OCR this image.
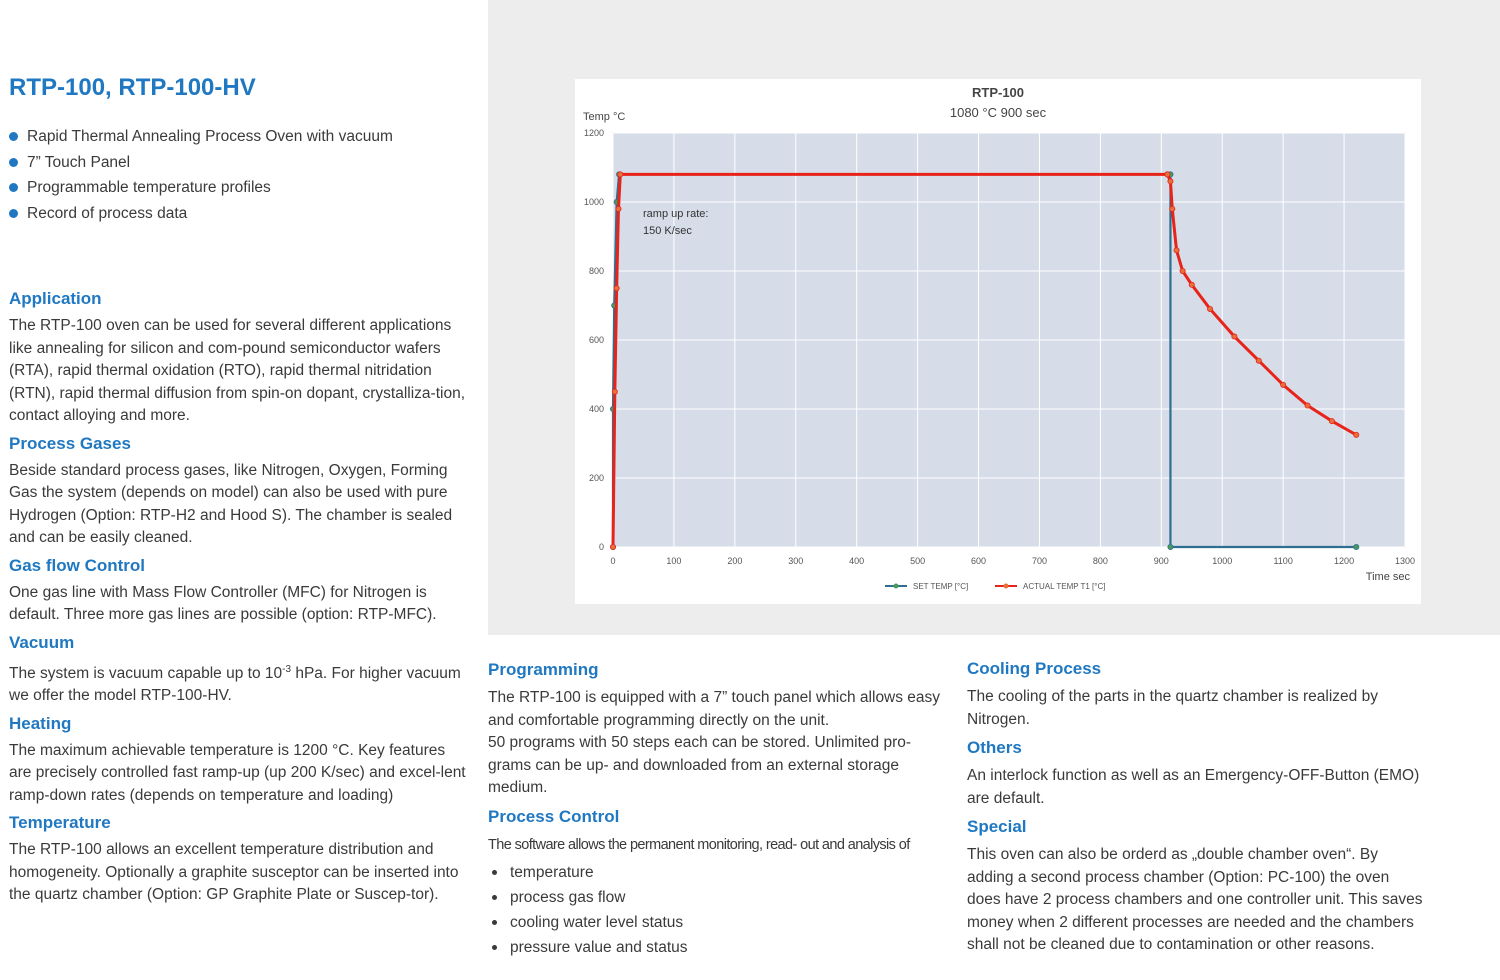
RTP-100, RTP-100-HV
Rapid Thermal Annealing Process Oven with vacuum
7” Touch Panel
Programmable temperature profiles
Record of process data
Application

The RTP-100 oven can be used for several different applications like annealing for silicon and com-pound semiconductor wafers (RTA), rapid thermal oxidation (RTO), rapid thermal nitridation (RTN), rapid thermal diffusion from spin-on dopant, crystalliza-tion, contact alloying and more.

Process Gases

Beside standard process gases, like Nitrogen, Oxygen, Forming Gas the system (depends on model) can also be used with pure Hydrogen (Option: RTP-H2 and Hood S). The chamber is sealed and can be easily cleaned.

Gas flow Control

One gas line with Mass Flow Controller (MFC) for Nitrogen is default. Three more gas lines are possible (option: RTP-MFC).

Vacuum

The system is vacuum capable up to $10^{-3}$ hPa. For higher vacuum we offer the model RTP-100-HV.

Heating

The maximum achievable temperature is 1200 °C. Key features are precisely controlled fast ramp-up (up 200 K/sec) and excel-lent ramp-down rates (depends on temperature and loading)

Temperature

The RTP-100 allows an excellent temperature distribution and homogeneity. Optionally a graphite susceptor can be inserted into the quartz chamber (Option: GP Graphite Plate or Suscep-tor).

0	100	200	300	400	500	600	700	800	900	1000	1100	1200	1300
0
200
400
600
800
1000
1200
RTP-100
1080 °C 900 sec
Temp °C
Time sec
ramp up rate:
150 K/sec
SET TEMP [°C]	ACTUAL TEMP T1 [°C]
Programming

The RTP-100 is equipped with a 7” touch panel which allows easy and comfortable programming directly on the unit.

50 programs with 50 steps each can be stored. Unlimited pro-grams can be up- and downloaded from an external storage medium.

Process Control

The software allows the permanent monitoring, read- out and analysis of

temperature
process gas flow
cooling water level status
pressure value and status
Cooling Process

The cooling of the parts in the quartz chamber is realized by Nitrogen.

Others

An interlock function as well as an Emergency-OFF-Button (EMO) are default.

Special

This oven can also be orderd as „double chamber oven“. By adding a second process chamber (Option: PC-100) the oven does have 2 process chambers and one controller unit. This saves money when 2 different processes are needed and the chambers shall not be cleaned due to contamination or other reasons.
